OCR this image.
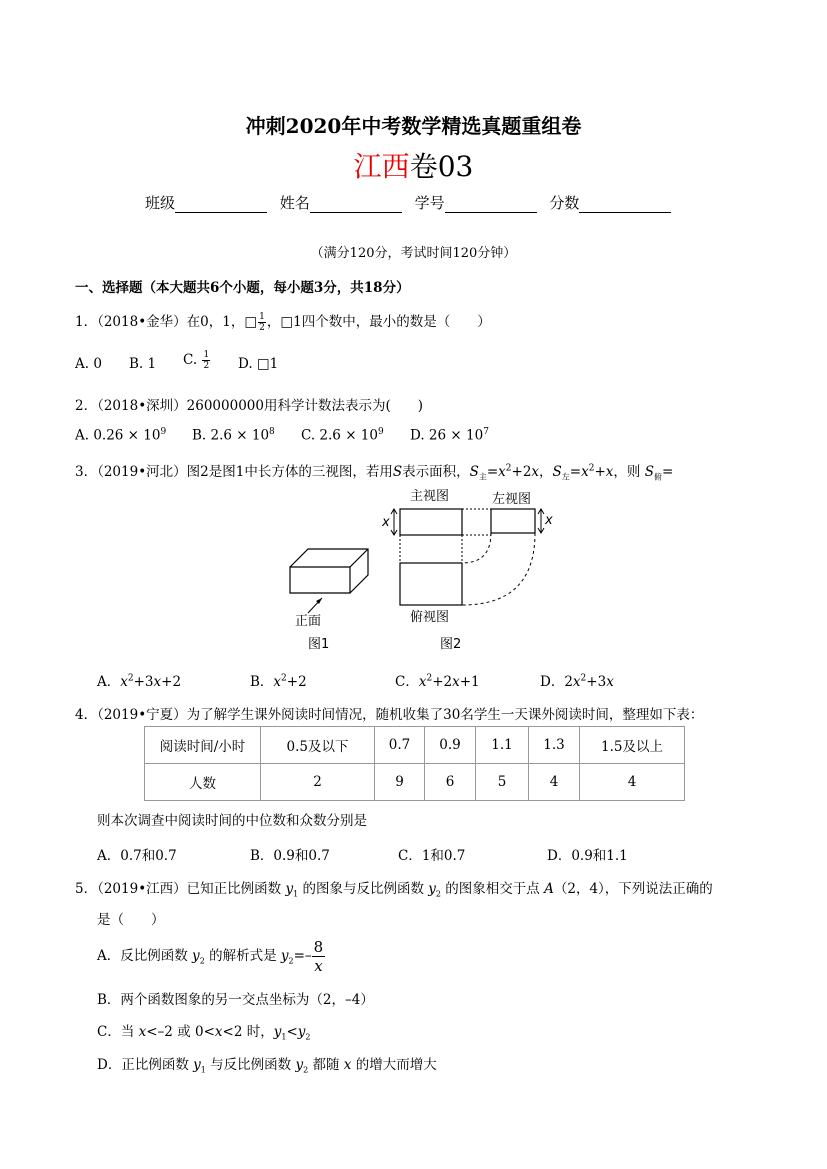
冲刺2020年中考数学精选真题重组卷
江西卷03
班级	姓名	学号	分数
（满分120分，考试时间120分钟）
一、选择题（本大题共6个小题，每小题3分，共18分）
1．（2018•金华）在0，1，□ $\frac{1}{2}$ ，□1四个数中，最小的数是（　　）
A. 0 B. 1 C. $\frac{1}{2} D$. □1
2．（2018•深圳）260000000用科学计数法表示为(　　)
A. $0.26 \times 10^9$ B. $2.6 \times 10^8$ C. $2.6 \times 10^9$ D. $26 \times 10^7$
3．（2019•河北）图2是图1中长方体的三视图，若用S表示面积，$S_主=x^2+2x$，$S_左=x^2+x$，则 $S_俯=$
正面
图1
主视图
x
左视图
x
俯视图
图2
A．$x^2+3x+2$	B．$x^2+2$	C．$x^2+2x+1$	D．$2x^2+3x$
4．（2019•宁夏）为了解学生课外阅读时间情况，随机收集了30名学生一天课外阅读时间，整理如下表：
阅读时间/小时	0.5及以下	0.7	0.9	1.1	1.3	1.5及以上
人数	2	9	6	5	4	4
则本次调查中阅读时间的中位数和众数分别是
A．0.7和0.7	B．0.9和0.7	C．1和0.7	D．0.9和1.1
5．（2019•江西）已知正比例函数 $y_1$ 的图象与反比例函数 $y_2$ 的图象相交于点 A（2，4），下列说法正确的
是（　　）
A．反比例函数 $y_2$ 的解析式是 $y_2=- \frac{8}{x}$
B．两个函数图象的另一交点坐标为（2，–4）
C．当 x<–2 或 0<x<2 时，$y_1<y_2$
D．正比例函数 $y_1$ 与反比例函数 $y_2$ 都随 x 的增大而增大
